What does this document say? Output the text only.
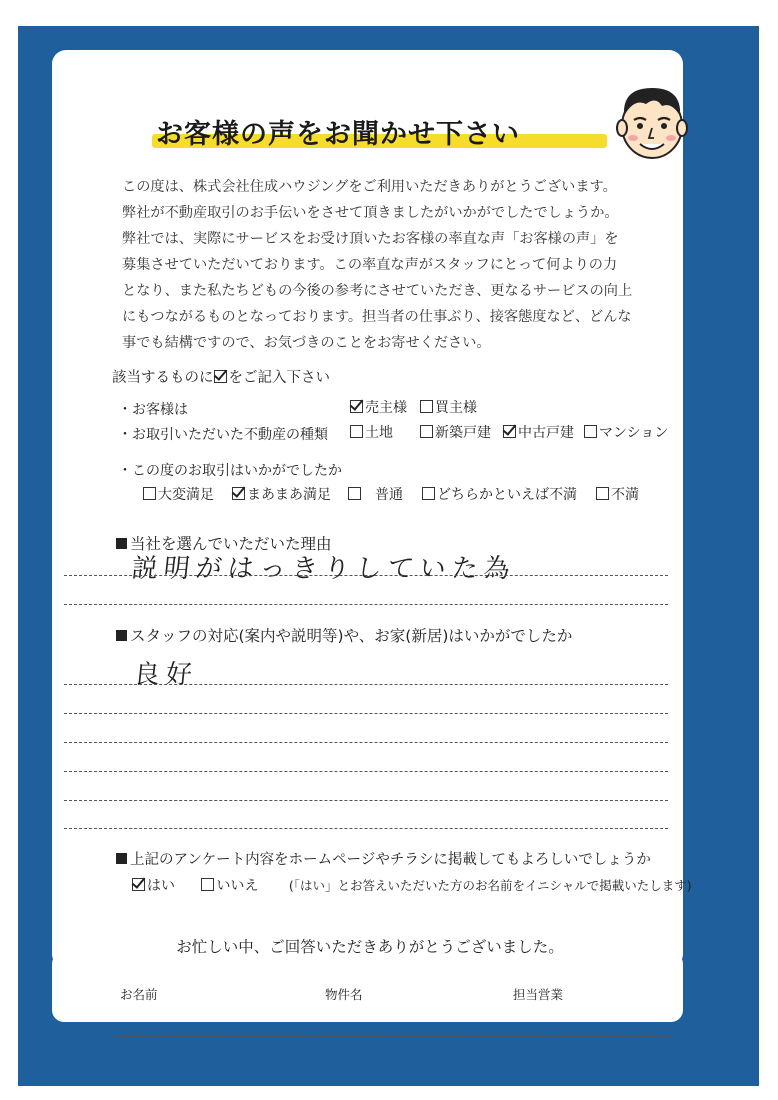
お客様の声をお聞かせ下さい
この度は、株式会社住成ハウジングをご利用いただきありがとうございます。
弊社が不動産取引のお手伝いをさせて頂きましたがいかがでしたでしょうか。
弊社では、実際にサービスをお受け頂いたお客様の率直な声「お客様の声」を
募集させていただいております。この率直な声がスタッフにとって何よりの力
となり、また私たちどもの今後の参考にさせていただき、更なるサービスの向上
にもつながるものとなっております。担当者の仕事ぶり、接客態度など、どんな
事でも結構ですので、お気づきのことをお寄せください。
該当するものに をご記入下さい
・お客様は	売主様	買主様
・お取引いただいた不動産の種類	土地	新築戸建	中古戸建	マンション
・この度のお取引はいかがでしたか
大変満足	まあまあ満足	普通	どちらかといえば不満	不満
当社を選んでいただいた理由
説明がはっきりしていた為
スタッフの対応(案内や説明等)や、お家(新居)はいかがでしたか
良好
上記のアンケート内容をホームページやチラシに掲載してもよろしいでしょうか
はい	いいえ (「はい」とお答えいただいた方のお名前をイニシャルで掲載いたします)
お忙しい中、ご回答いただきありがとうございました。
お名前	物件名	担当営業
